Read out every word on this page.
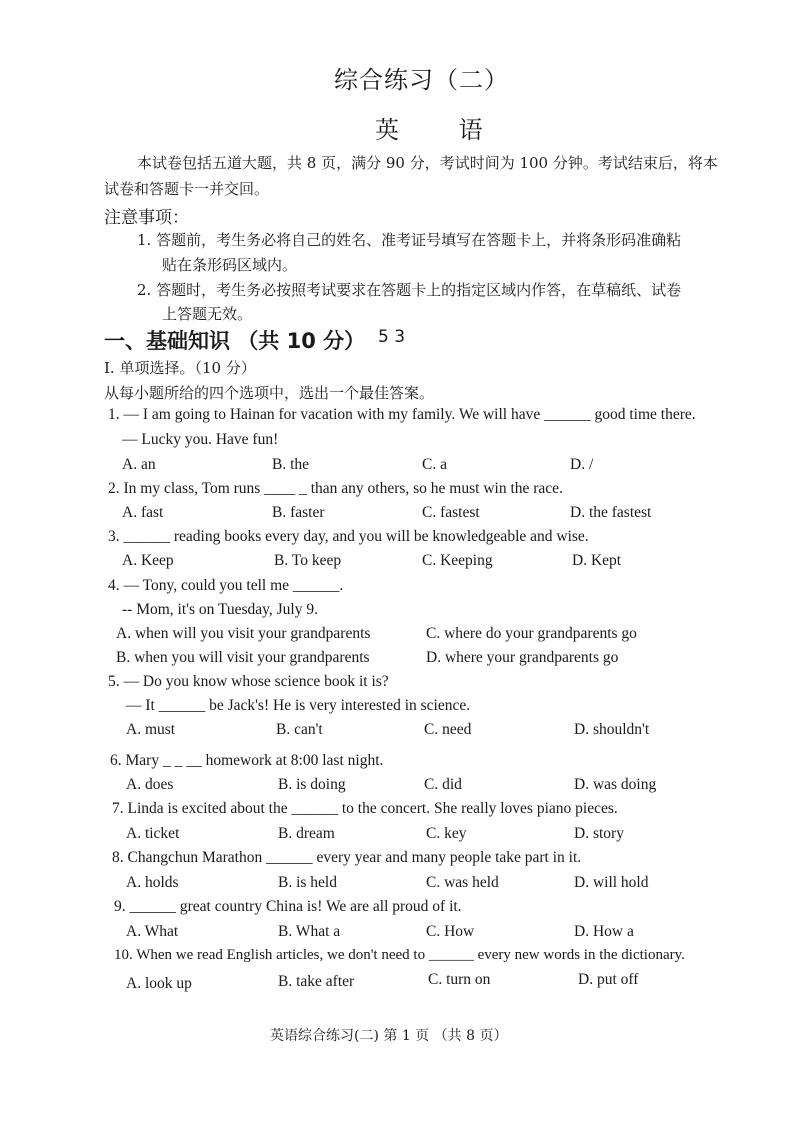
综合练习（二）
英 语
本试卷包括五道大题，共 8 页，满分 90 分，考试时间为 100 分钟。考试结束后，将本
试卷和答题卡一并交回。
注意事项：
1. 答题前，考生务必将自己的姓名、准考证号填写在答题卡上，并将条形码准确粘
贴在条形码区域内。
2. 答题时，考生务必按照考试要求在答题卡上的指定区域内作答，在草稿纸、试卷
上答题无效。
一、基础知识 （共 10 分） 5 3
I. 单项选择。（10 分）
从每小题所给的四个选项中，选出一个最佳答案。
1. — I am going to Hainan for vacation with my family. We will have ______ good time there.
— Lucky you. Have fun!
A. an	B. the	C. a	D. /
2. In my class, Tom runs ____ _ than any others, so he must win the race.
A. fast	B. faster	C. fastest	D. the fastest
3. ______ reading books every day, and you will be knowledgeable and wise.
A. Keep	B. To keep	C. Keeping	D. Kept
4. — Tony, could you tell me ______.
-- Mom, it's on Tuesday, July 9.
A. when will you visit your grandparents	C. where do your grandparents go
B. when you will visit your grandparents	D. where your grandparents go
5. — Do you know whose science book it is?
— It ______ be Jack's! He is very interested in science.
A. must	B. can't	C. need	D. shouldn't
6. Mary _ _ __ homework at 8:00 last night.
A. does	B. is doing	C. did	D. was doing
7. Linda is excited about the ______ to the concert. She really loves piano pieces.
A. ticket	B. dream	C. key	D. story
8. Changchun Marathon ______ every year and many people take part in it.
A. holds	B. is held	C. was held	D. will hold
9. ______ great country China is! We are all proud of it.
A. What	B. What a	C. How	D. How a
10. When we read English articles, we don't need to ______ every new words in the dictionary.
A. look up	B. take after	C. turn on	D. put off
英语综合练习(二) 第 1 页 （共 8 页）
